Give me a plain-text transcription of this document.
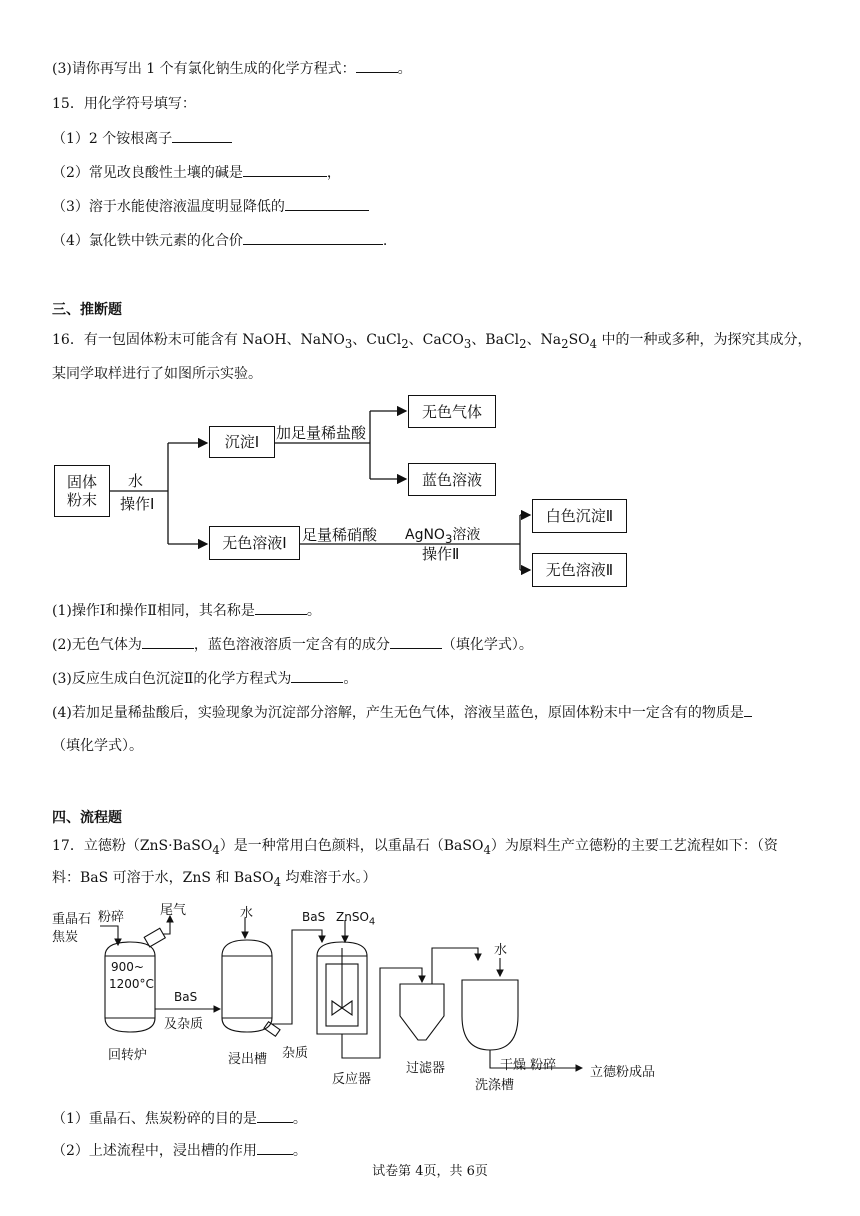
(3)请你再写出 1 个有氯化钠生成的化学方程式：	。
15．用化学符号填写：
（1）2 个铵根离子
（2）常见改良酸性土壤的碱是	，
（3）溶于水能使溶液温度明显降低的
（4）氯化铁中铁元素的化合价	.
三、推断题
16．有一包固体粉末可能含有 NaOH、NaNO$_3$、CuCl$_2$、CaCO$_3$、BaCl$_2$、$Na_2SO_4$ 中的一种或多种，为探究其成分，
某同学取样进行了如图所示实验。
固体
粉末
水
操作Ⅰ
沉淀Ⅰ	加足量稀盐酸
无色气体
蓝色溶液
无色溶液Ⅰ	足量稀硝酸 AgNO$_3$溶液
操作Ⅱ
白色沉淀Ⅱ
无色溶液Ⅱ
(1)操作Ⅰ和操作Ⅱ相同，其名称是	。
(2)无色气体为	，蓝色溶液溶质一定含有的成分	（填化学式）。
(3)反应生成白色沉淀Ⅱ的化学方程式为	。
(4)若加足量稀盐酸后，实验现象为沉淀部分溶解，产生无色气体，溶液呈蓝色，原固体粉末中一定含有的物质是
（填化学式）。
四、流程题
17．立德粉（ZnS·BaSO$_4$）是一种常用白色颜料，以重晶石（BaSO$_4$）为原料生产立德粉的主要工艺流程如下：（资
料：BaS 可溶于水，ZnS 和 BaSO$_4$ 均难溶于水。）
重晶石
焦炭
粉碎	尾气
900~
1200°C
回转炉
BaS
及杂质
水
浸出槽 杂质
BaS ZnSO$_4$
反应器
过滤器
水
洗涤槽
干燥 粉碎	立德粉成品
（1）重晶石、焦炭粉碎的目的是	。
（2）上述流程中，浸出槽的作用	。
试卷第 4页，共 6页
